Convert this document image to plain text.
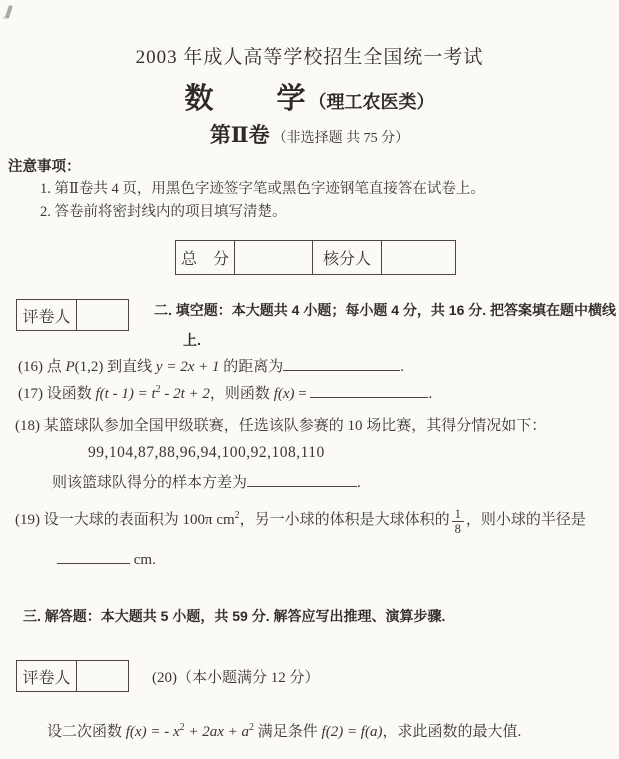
2003 年成人高等学校招生全国统一考试
数 学 （理工农医类）
第Ⅱ卷 （非选择题 共 75 分）
注意事项：
1. 第Ⅱ卷共 4 页，用黑色字迹签字笔或黑色字迹钢笔直接答在试卷上。
2. 答卷前将密封线内的项目填写清楚。
总　分		核分人	
评卷人		二. 填空题：本大题共 4 小题；每小题 4 分，共 16 分. 把答案填在题中横线
上.
(16) 点 P(1,2) 到直线 y = 2x + 1 的距离为	.
(17) 设函数 $f(t - 1) = t^2 - 2t + 2$，则函数 f(x) =	.
(18) 某篮球队参加全国甲级联赛，任选该队参赛的 10 场比赛，其得分情况如下：
99,104,87,88,96,94,100,92,108,110
则该篮球队得分的样本方差为	.
(19) 设一大球的表面积为 100π $cm^2$，另一小球的体积是大球体积的 $\frac{1}{8}$ ，则小球的半径是
cm.
三. 解答题：本大题共 5 小题，共 59 分. 解答应写出推理、演算步骤.
评卷人		(20)（本小题满分 12 分）
设二次函数 f(x) = - $x^2 + 2ax + a^2$ 满足条件 f(2) = f(a)，求此函数的最大值.
